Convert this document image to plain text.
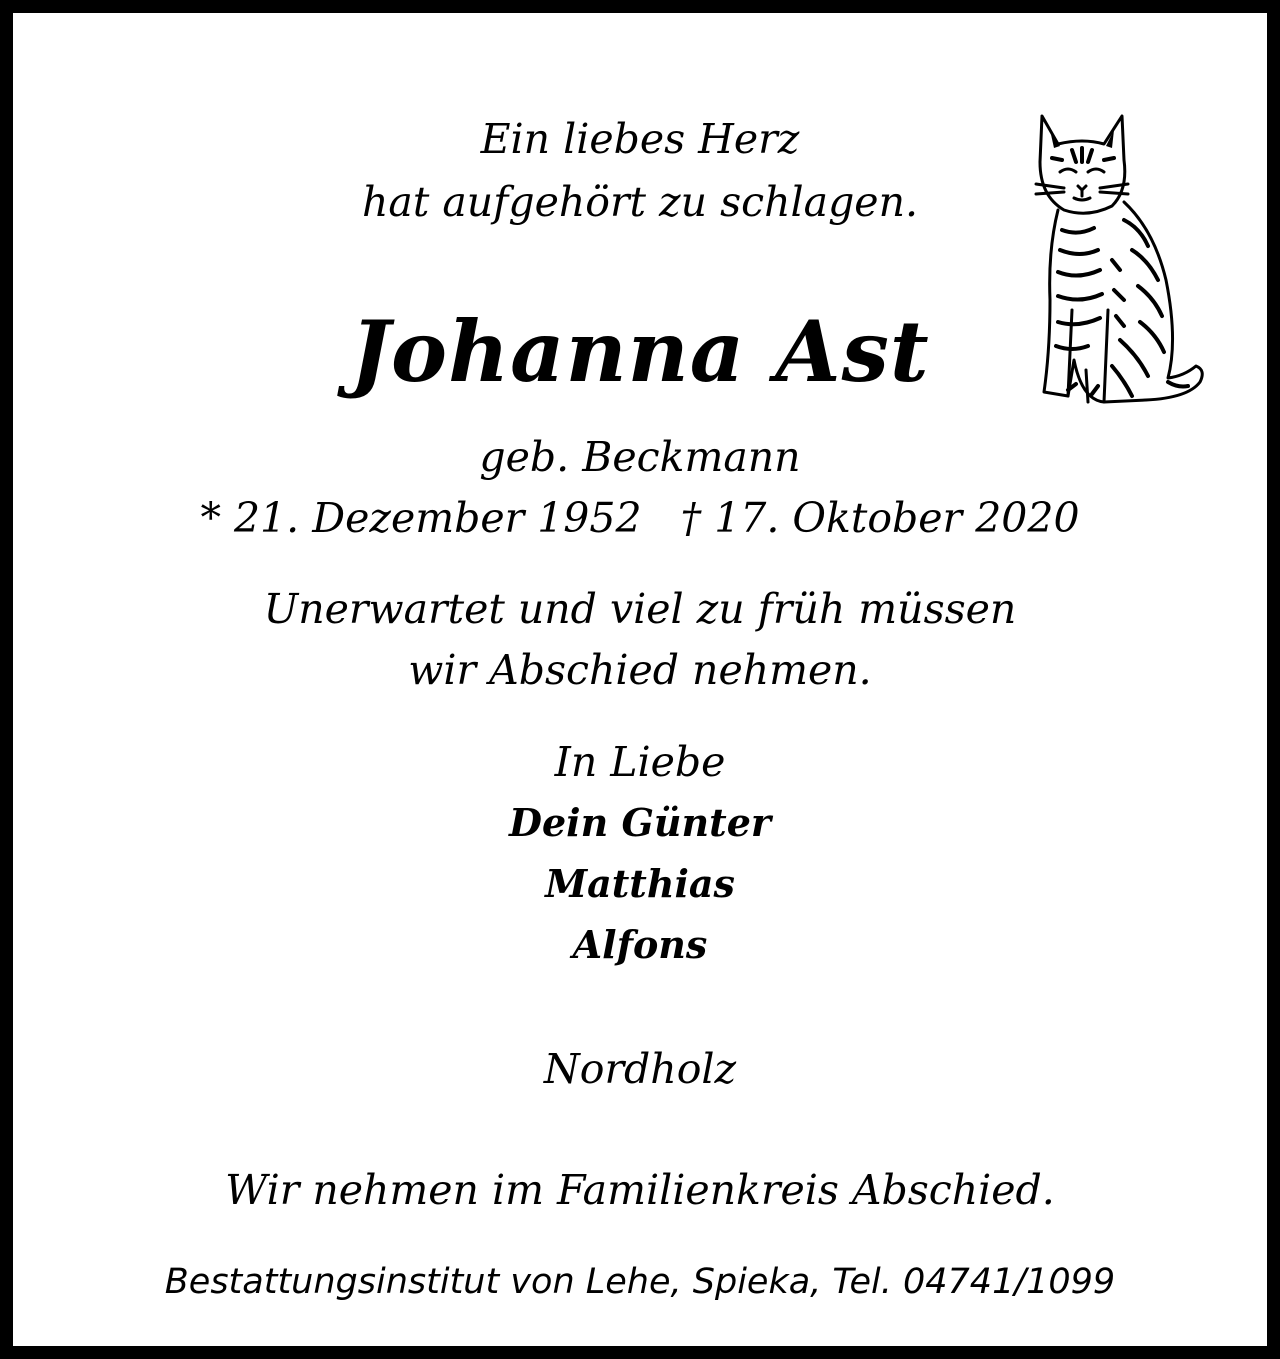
Ein liebes Herz
hat aufgehört zu schlagen.
Johanna Ast
geb. Beckmann
* 21. Dezember 1952   † 17. Oktober 2020
Unerwartet und viel zu früh müssen
wir Abschied nehmen.
In Liebe
Dein Günter
Matthias
Alfons
Nordholz
Wir nehmen im Familienkreis Abschied.
Bestattungsinstitut von Lehe, Spieka, Tel. 04741/1099
